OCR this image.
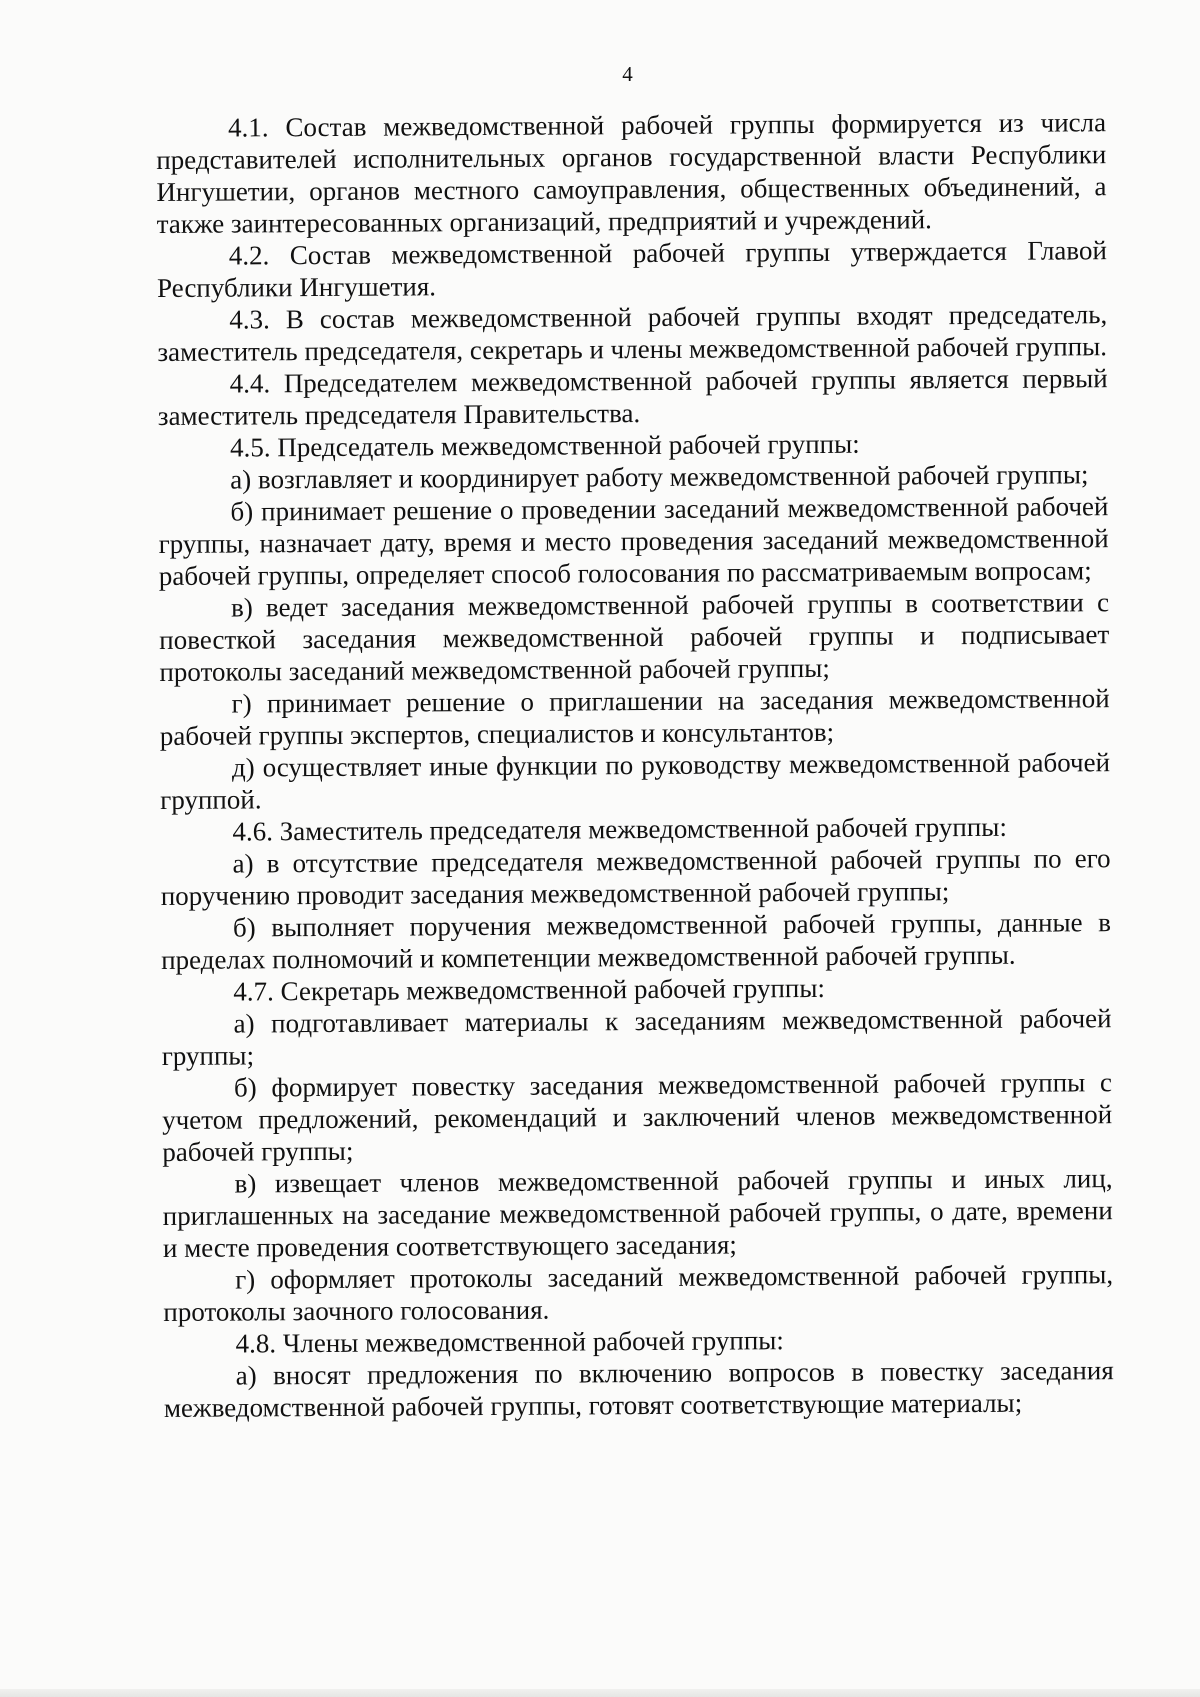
4

4.1. Состав межведомственной рабочей группы формируется из числа представителей исполнительных органов государственной власти Республики Ингушетии, органов местного самоуправления, общественных объединений, а также заинтересованных организаций, предприятий и учреждений.

4.2. Состав межведомственной рабочей группы утверждается Главой Республики Ингушетия.

4.3. В состав межведомственной рабочей группы входят председатель, заместитель председателя, секретарь и члены межведомственной рабочей группы.

4.4. Председателем межведомственной рабочей группы является первый заместитель председателя Правительства.

4.5. Председатель межведомственной рабочей группы:

а) возглавляет и координирует работу межведомственной рабочей группы;

б) принимает решение о проведении заседаний межведомственной рабочей группы, назначает дату, время и место проведения заседаний межведомственной рабочей группы, определяет способ голосования по рассматриваемым вопросам;

в) ведет заседания межведомственной рабочей группы в соответствии с повесткой заседания межведомственной рабочей группы и подписывает протоколы заседаний межведомственной рабочей группы;

г) принимает решение о приглашении на заседания межведомственной рабочей группы экспертов, специалистов и консультантов;

д) осуществляет иные функции по руководству межведомственной рабочей группой.

4.6. Заместитель председателя межведомственной рабочей группы:

а) в отсутствие председателя межведомственной рабочей группы по его поручению проводит заседания межведомственной рабочей группы;

б) выполняет поручения межведомственной рабочей группы, данные в пределах полномочий и компетенции межведомственной рабочей группы.

4.7. Секретарь межведомственной рабочей группы:

а) подготавливает материалы к заседаниям межведомственной рабочей группы;

б) формирует повестку заседания межведомственной рабочей группы с учетом предложений, рекомендаций и заключений членов межведомственной рабочей группы;

в) извещает членов межведомственной рабочей группы и иных лиц, приглашенных на заседание межведомственной рабочей группы, о дате, времени и месте проведения соответствующего заседания;

г) оформляет протоколы заседаний межведомственной рабочей группы, протоколы заочного голосования.

4.8. Члены межведомственной рабочей группы:

а) вносят предложения по включению вопросов в повестку заседания межведомственной рабочей группы, готовят соответствующие материалы;
